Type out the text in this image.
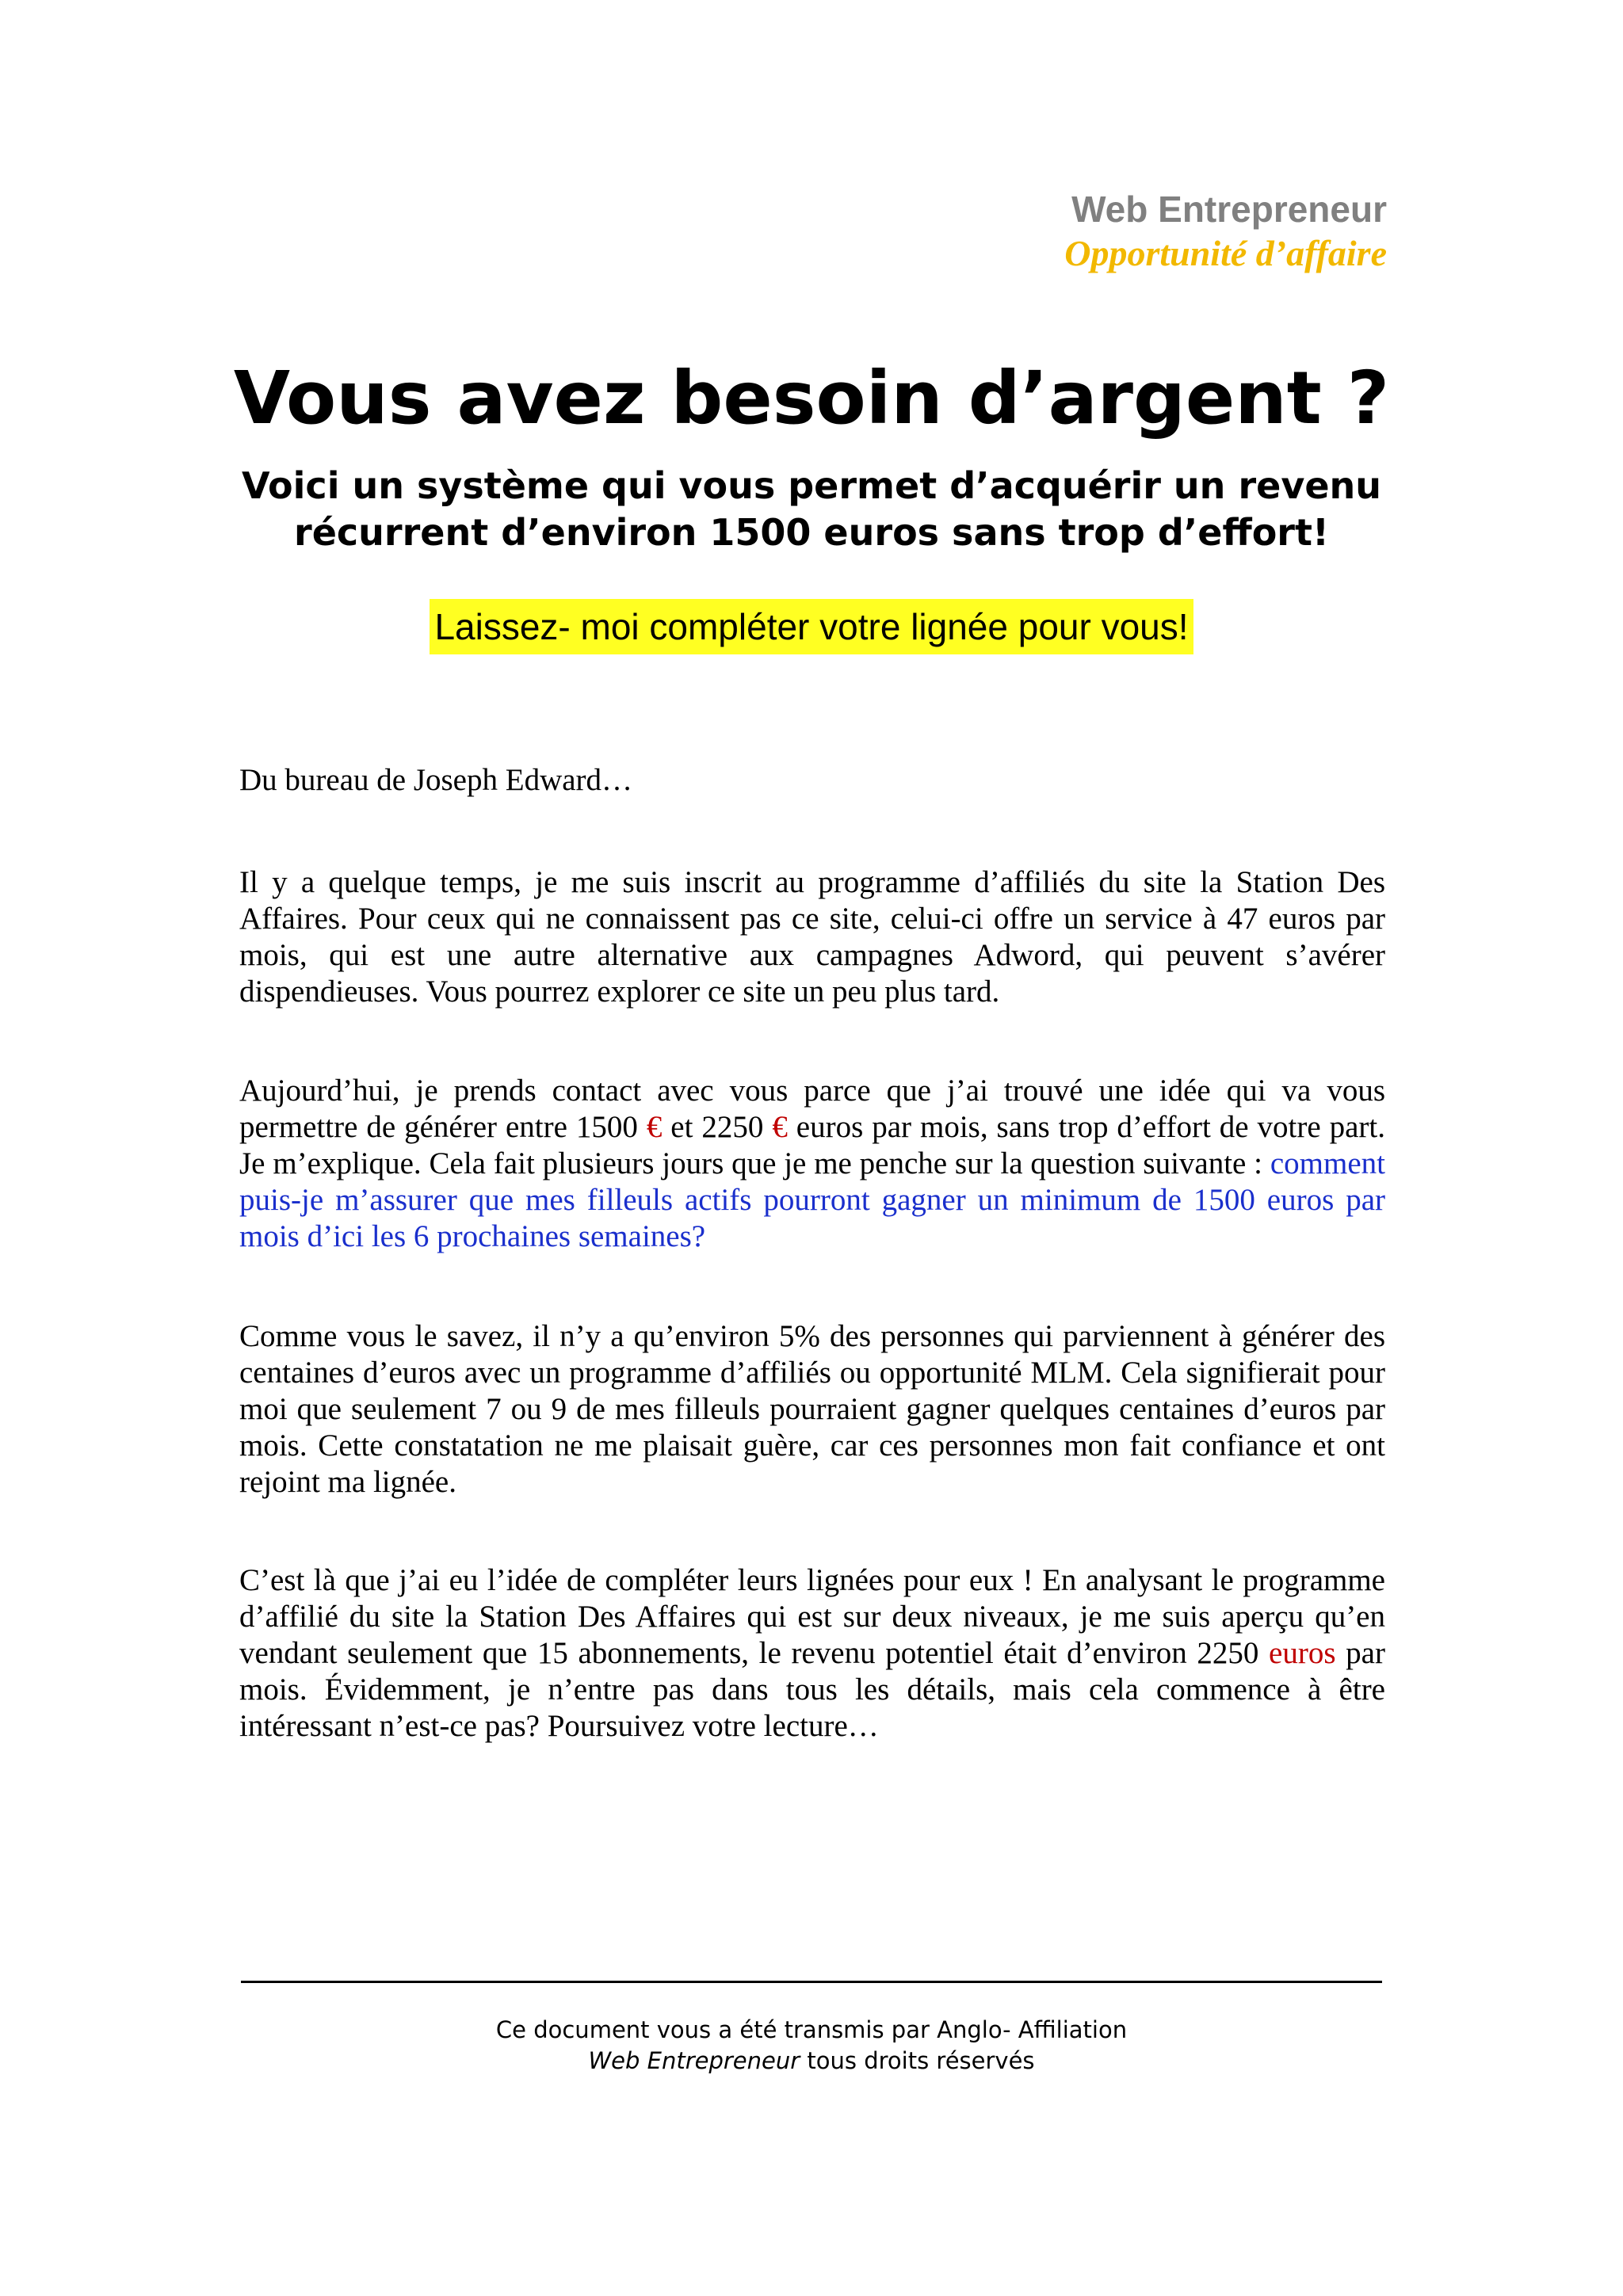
Web Entrepreneur
Opportunité d’affaire
Vous avez besoin d’argent ?
Voici un système qui vous permet d’acquérir un revenu
récurrent d’environ 1500 euros sans trop d’effort!
Laissez- moi compléter votre lignée pour vous!

Du bureau de Joseph Edward…

Il y a quelque temps, je me suis inscrit au programme d’affiliés du site la Station Des Affaires. Pour ceux qui ne connaissent pas ce site, celui-ci offre un service à 47 euros par mois, qui est une autre alternative aux campagnes Adword, qui peuvent s’avérer dispendieuses. Vous pourrez explorer ce site un peu plus tard.

Aujourd’hui, je prends contact avec vous parce que j’ai trouvé une idée qui va vous permettre de générer entre 1500 € et 2250 € euros par mois, sans trop d’effort de votre part. Je m’explique. Cela fait plusieurs jours que je me penche sur la question suivante : comment puis-je m’assurer que mes filleuls actifs pourront gagner un minimum de 1500 euros par mois d’ici les 6 prochaines semaines?

Comme vous le savez, il n’y a qu’environ 5% des personnes qui parviennent à générer des centaines d’euros avec un programme d’affiliés ou opportunité MLM. Cela signifierait pour moi que seulement 7 ou 9 de mes filleuls pourraient gagner quelques centaines d’euros par mois. Cette constatation ne me plaisait guère, car ces personnes mon fait confiance et ont rejoint ma lignée.

C’est là que j’ai eu l’idée de compléter leurs lignées pour eux ! En analysant le programme d’affilié du site la Station Des Affaires qui est sur deux niveaux, je me suis aperçu qu’en vendant seulement que 15 abonnements, le revenu potentiel était d’environ 2250 euros par mois. Évidemment, je n’entre pas dans tous les détails, mais cela commence à être intéressant n’est-ce pas? Poursuivez votre lecture…

Ce document vous a été transmis par Anglo- Affiliation
Web Entrepreneur tous droits réservés
